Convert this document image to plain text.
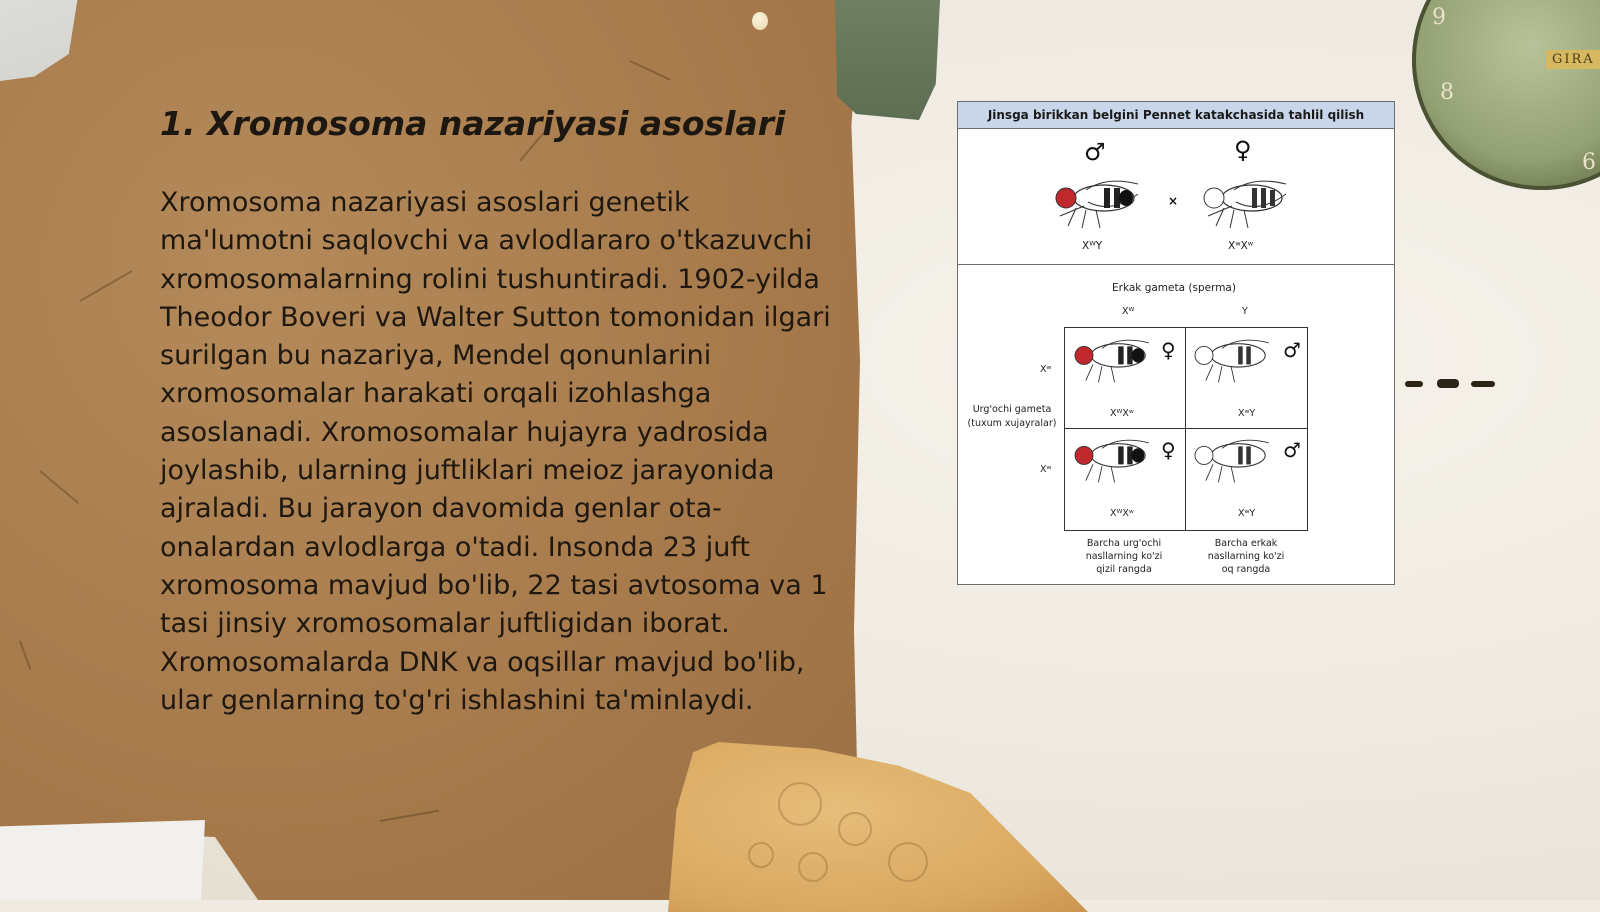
9
8
6
GIRA
1. Xromosoma nazariyasi asoslari

Xromosoma nazariyasi asoslari genetik ma'lumotni saqlovchi va avlodlararo o'tkazuvchi xromosomalarning rolini tushuntiradi. 1902-yilda Theodor Boveri va Walter Sutton tomonidan ilgari surilgan bu nazariya, Mendel qonunlarini xromosomalar harakati orqali izohlashga asoslanadi. Xromosomalar hujayra yadrosida joylashib, ularning juftliklari meioz jarayonida ajraladi. Bu jarayon davomida genlar ota-onalardan avlodlarga o'tadi. Insonda 23 juft xromosoma mavjud bo'lib, 22 tasi avtosoma va 1 tasi jinsiy xromosomalar juftligidan iborat. Xromosomalarda DNK va oqsillar mavjud bo'lib, ular genlarning to'g'ri ishlashini ta'minlaydi.

Jinsga birikkan belgini Pennet katakchasida tahlil qilish
♂	♀
XᵂY
×
XʷXʷ
Erkak gameta (sperma)
Xᵂ	Y
Xʷ
Xʷ
Urg'ochi gameta
(tuxum xujayralar)
♀
XᵂXʷ
♂
XʷY
♀
XᵂXʷ
♂
XʷY
Barcha urg'ochi
nasllarning ko'zi
qizil rangda
Barcha erkak
nasllarning ko'zi
oq rangda
